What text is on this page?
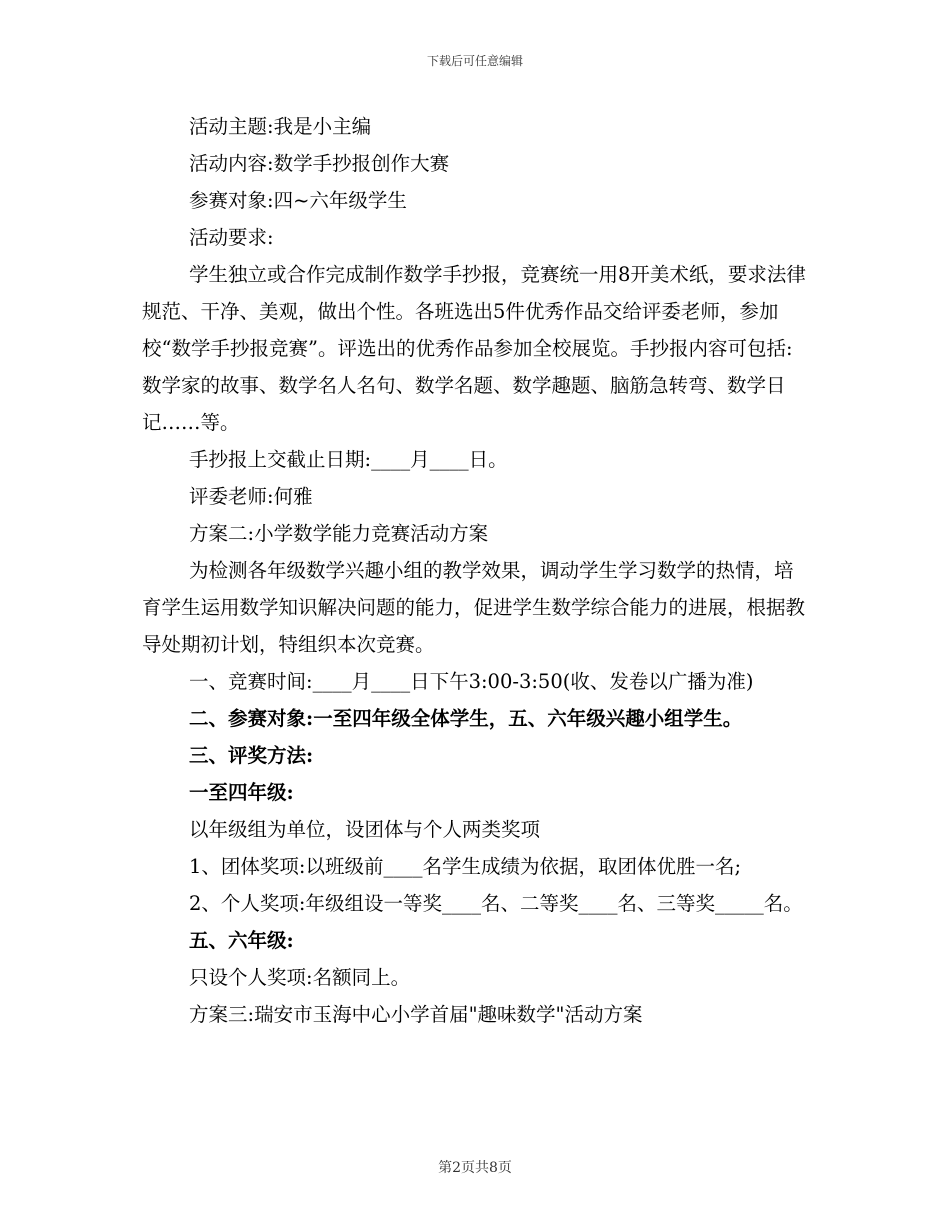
下载后可任意编辑

活动主题:我是小主编

活动内容:数学手抄报创作大赛

参赛对象:四~六年级学生

活动要求:

学生独立或合作完成制作数学手抄报，竞赛统一用8开美术纸，要求法律规范、干净、美观，做出个性。各班选出5件优秀作品交给评委老师，参加校“数学手抄报竞赛”。评选出的优秀作品参加全校展览。手抄报内容可包括:数学家的故事、数学名人名句、数学名题、数学趣题、脑筋急转弯、数学日记……等。

手抄报上交截止日期:____月____日。

评委老师:何雅

方案二:小学数学能力竞赛活动方案

为检测各年级数学兴趣小组的教学效果，调动学生学习数学的热情，培育学生运用数学知识解决问题的能力，促进学生数学综合能力的进展，根据教导处期初计划，特组织本次竞赛。

一、竞赛时间:____月____日下午3:00-3:50(收、发卷以广播为准)

二、参赛对象:一至四年级全体学生，五、六年级兴趣小组学生。

三、评奖方法:

一至四年级:

以年级组为单位，设团体与个人两类奖项

1、团体奖项:以班级前____名学生成绩为依据，取团体优胜一名;

2、个人奖项:年级组设一等奖____名、二等奖____名、三等奖_____名。

五、六年级:

只设个人奖项:名额同上。

方案三:瑞安市玉海中心小学首届"趣味数学"活动方案

第2页共8页
